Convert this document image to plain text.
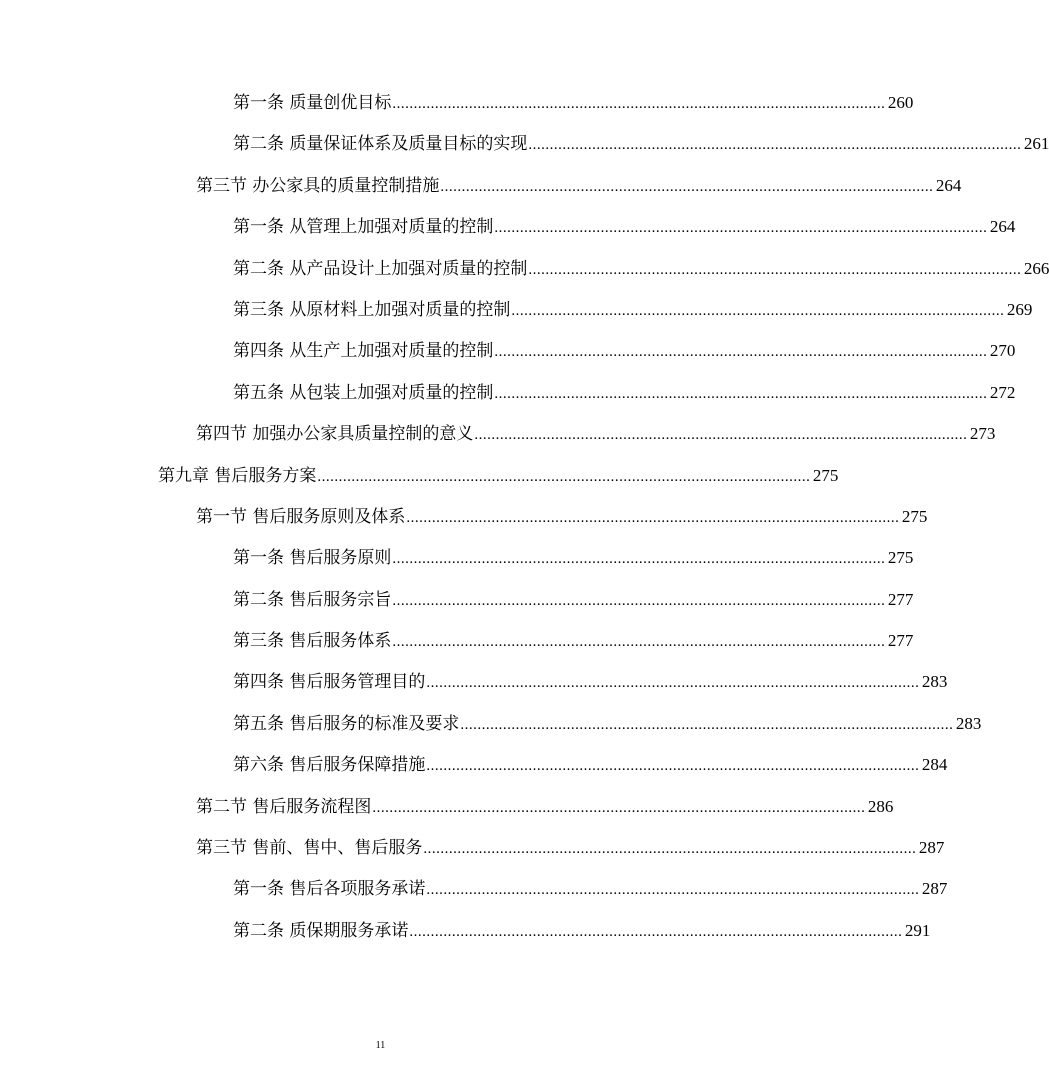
第一条 质量创优目标 .................................................................................................................... 260
第二条 质量保证体系及质量目标的实现 .................................................................................................................... 261
第三节 办公家具的质量控制措施 .................................................................................................................... 264
第一条 从管理上加强对质量的控制 .................................................................................................................... 264
第二条 从产品设计上加强对质量的控制 .................................................................................................................... 266
第三条 从原材料上加强对质量的控制 .................................................................................................................... 269
第四条 从生产上加强对质量的控制 .................................................................................................................... 270
第五条 从包装上加强对质量的控制 .................................................................................................................... 272
第四节 加强办公家具质量控制的意义 .................................................................................................................... 273
第九章 售后服务方案 .................................................................................................................... 275
第一节 售后服务原则及体系 .................................................................................................................... 275
第一条 售后服务原则 .................................................................................................................... 275
第二条 售后服务宗旨 .................................................................................................................... 277
第三条 售后服务体系 .................................................................................................................... 277
第四条 售后服务管理目的 .................................................................................................................... 283
第五条 售后服务的标准及要求 .................................................................................................................... 283
第六条 售后服务保障措施 .................................................................................................................... 284
第二节 售后服务流程图 .................................................................................................................... 286
第三节 售前、售中、售后服务 .................................................................................................................... 287
第一条 售后各项服务承诺 .................................................................................................................... 287
第二条 质保期服务承诺 .................................................................................................................... 291
11
